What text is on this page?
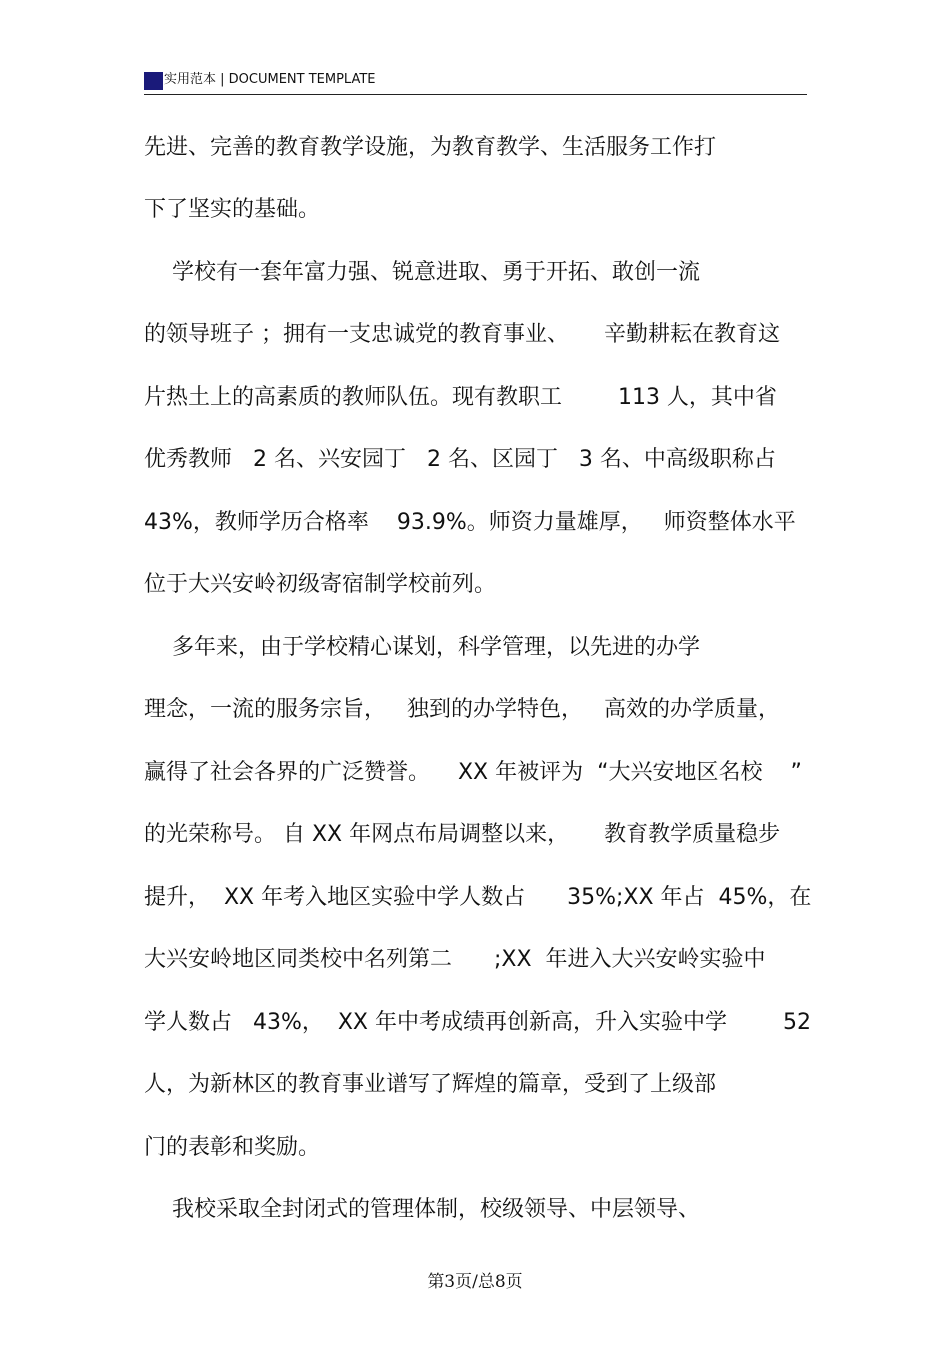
实用范本 | DOCUMENT TEMPLATE
先进、完善的教育教学设施，为教育教学、生活服务工作打
下了坚实的基础。
学校有一套年富力强、锐意进取、勇于开拓、敢创一流
的领导班子 ；拥有一支忠诚党的教育事业、     辛勤耕耘在教育这
片热土上的高素质的教师队伍。现有教职工        113 人，其中省
优秀教师   2 名、兴安园丁   2 名、区园丁   3 名、中高级职称占
43%，教师学历合格率    93.9%。师资力量雄厚，   师资整体水平
位于大兴安岭初级寄宿制学校前列。
多年来，由于学校精心谋划，科学管理，以先进的办学
理念，一流的服务宗旨，   独到的办学特色，   高效的办学质量，
赢得了社会各界的广泛赞誉。    XX 年被评为  “大兴安地区名校    ”
的光荣称号。 自 XX 年网点布局调整以来，     教育教学质量稳步
提升，  XX 年考入地区实验中学人数占      35%;XX 年占  45%，在
大兴安岭地区同类校中名列第二      ;XX  年进入大兴安岭实验中
学人数占   43%，  XX 年中考成绩再创新高，升入实验中学        52
人，为新林区的教育事业谱写了辉煌的篇章，受到了上级部
门的表彰和奖励。
我校采取全封闭式的管理体制，校级领导、中层领导、
第3页/总8页
